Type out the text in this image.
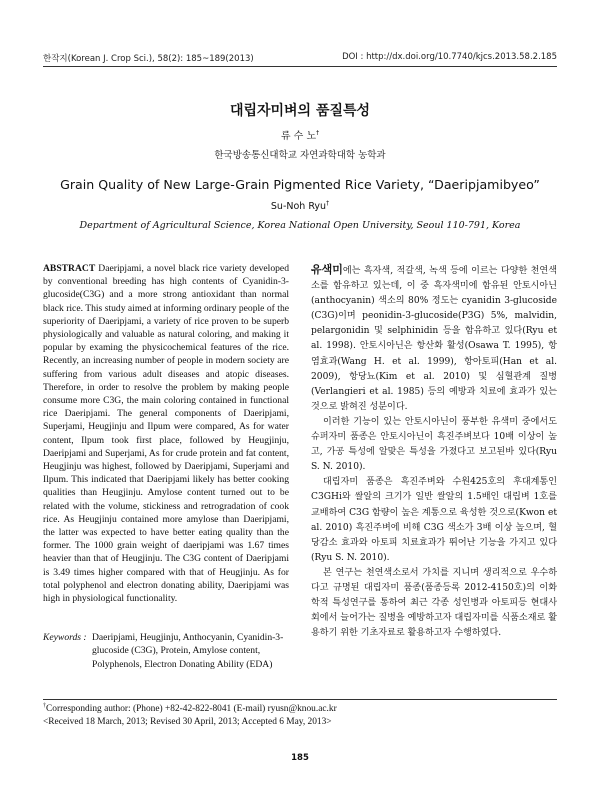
한작지(Korean J. Crop Sci.), 58(2): 185~189(2013)	DOI : http://dx.doi.org/10.7740/kjcs.2013.58.2.185
대립자미벼의 품질특성
류 수 노†
한국방송통신대학교 자연과학대학 농학과
Grain Quality of New Large-Grain Pigmented Rice Variety, “Daeripjamibyeo”
Su-Noh Ryu†
Department of Agricultural Science, Korea National Open University, Seoul 110-791, Korea
ABSTRACT Daeripjami, a novel black rice variety developed by conventional breeding has high contents of Cyanidin-3-glucoside(C3G) and a more strong antioxidant than normal black rice. This study aimed at informing ordinary people of the superiority of Daeripjami, a variety of rice proven to be superb physiologically and valuable as natural coloring, and making it popular by examing the physicochemical features of the rice. Recently, an increasing number of people in modern society are suffering from various adult diseases and atopic diseases. Therefore, in order to resolve the problem by making people consume more C3G, the main coloring contained in functional rice Daeripjami. The general components of Daeripjami, Superjami, Heugjinju and Ilpum were compared, As for water content, Ilpum took first place, followed by Heugjinju, Daeripjami and Superjami, As for crude protein and fat content, Heugjinju was highest, followed by Daeripjami, Superjami and Ilpum. This indicated that Daeripjami likely has better cooking qualities than Heugjinju. Amylose content turned out to be related with the volume, stickiness and retrogradation of cook rice. As Heugjinju contained more amylose than Daeripjami, the latter was expected to have better eating quality than the former. The 1000 grain weight of daeripjami was 1.67 times heavier than that of Heugjinju. The C3G content of Daeripjami is 3.49 times higher compared with that of Heugjinju. As for total polyphenol and electron donating ability, Daeripjami was high in physiological functionality.
Keywords : Daeripjami, Heugjinju, Anthocyanin, Cyanidin-3-glucoside (C3G), Protein, Amylose content, Polyphenols, Electron Donating Ability (EDA)

유색미에는 흑자색, 적갈색, 녹색 등에 이르는 다양한 천연색소를 함유하고 있는데, 이 중 흑자색미에 함유된 안토시아닌(anthocyanin) 색소의 80% 정도는 cyanidin 3-glucoside (C3G)이며 peonidin-3-glucoside(P3G) 5%, malvidin, pelargonidin 및 selphinidin 등을 함유하고 있다(Ryu et al. 1998). 안토시아닌은 항산화 활성(Osawa T. 1995), 항염효과(Wang H. et al. 1999), 항아토피(Han et al. 2009), 항당뇨(Kim et al. 2010) 및 심혈관계 질병(Verlangieri et al. 1985) 등의 예방과 치료에 효과가 있는 것으로 밝혀진 성분이다.

이러한 기능이 있는 안토시아닌이 풍부한 유색미 중에서도 슈퍼자미 품종은 안토시아닌이 흑진주벼보다 10배 이상이 높고, 가공 특성에 알맞은 특성을 가졌다고 보고된바 있다(Ryu S. N. 2010).

대립자미 품종은 흑진주벼와 수원425호의 후대계통인 C3GHi와 쌀알의 크기가 일반 쌀알의 1.5배인 대립벼 1호를 교배하여 C3G 함량이 높은 계통으로 육성한 것으로(Kwon et al. 2010) 흑진주벼에 비해 C3G 색소가 3배 이상 높으며, 혈당감소 효과와 아토피 치료효과가 뛰어난 기능을 가지고 있다(Ryu S. N. 2010).

본 연구는 천연색소로서 가치를 지니며 생리적으로 우수하다고 규명된 대립자미 품종(품종등록 2012-4150호)의 이화학적 특성연구를 통하여 최근 각종 성인병과 아토피등 현대사회에서 늘어가는 질병을 예방하고자 대립자미를 식품소재로 활용하기 위한 기초자료로 활용하고자 수행하였다.

†Corresponding author: (Phone) +82-42-822-8041 (E-mail) ryusn@knou.ac.kr
<Received 18 March, 2013; Revised 30 April, 2013; Accepted 6 May, 2013>
185
